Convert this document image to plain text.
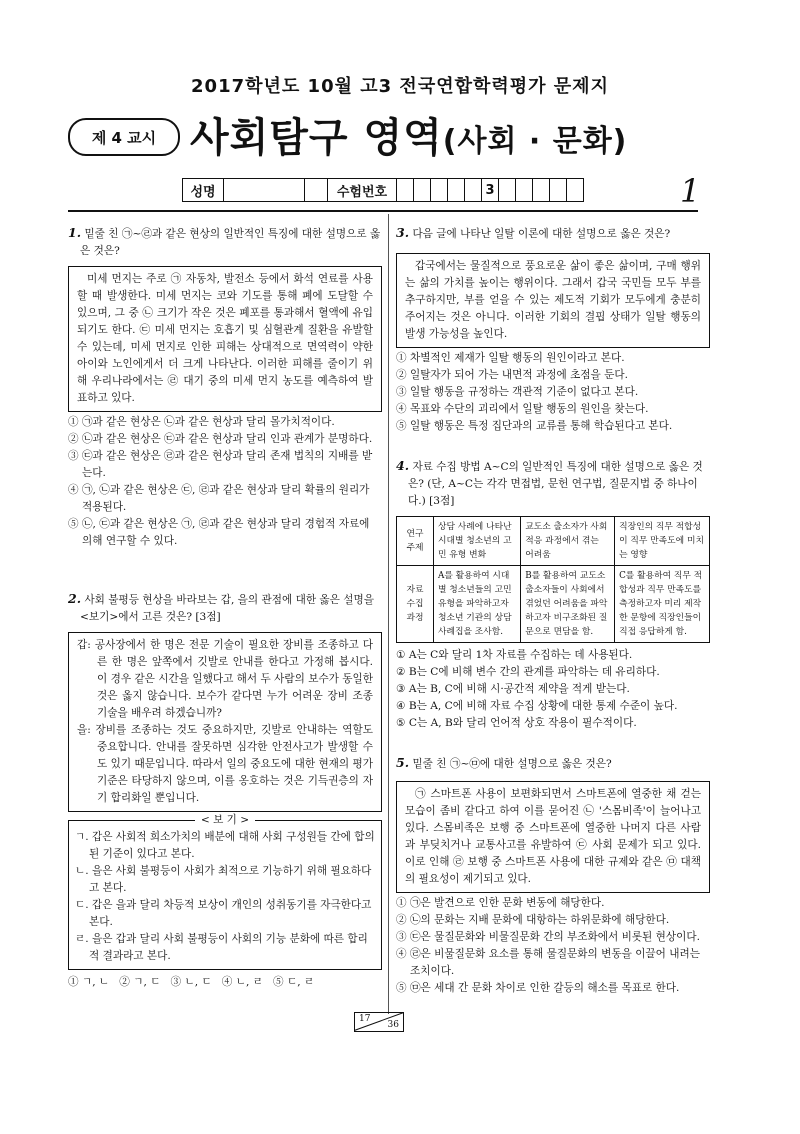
2017학년도 10월 고3 전국연합학력평가 문제지
제 4 교시 사회탐구 영역(사회 · 문화)
성명	수험번호	3	1

1. 밑줄 친 ㉠~㉣과 같은 현상의 일반적인 특징에 대한 설명으로 옳은 것은?

미세 먼지는 주로 ㉠ 자동차, 발전소 등에서 화석 연료를 사용할 때 발생한다. 미세 먼지는 코와 기도를 통해 폐에 도달할 수 있으며, 그 중 ㉡ 크기가 작은 것은 폐포를 통과해서 혈액에 유입되기도 한다. ㉢ 미세 먼지는 호흡기 및 심혈관계 질환을 유발할 수 있는데, 미세 먼지로 인한 피해는 상대적으로 면역력이 약한 아이와 노인에게서 더 크게 나타난다. 이러한 피해를 줄이기 위해 우리나라에서는 ㉣ 대기 중의 미세 먼지 농도를 예측하여 발표하고 있다.

① ㉠과 같은 현상은 ㉡과 같은 현상과 달리 몰가치적이다.

② ㉡과 같은 현상은 ㉢과 같은 현상과 달리 인과 관계가 분명하다.

③ ㉢과 같은 현상은 ㉣과 같은 현상과 달리 존재 법칙의 지배를 받는다.

④ ㉠, ㉡과 같은 현상은 ㉢, ㉣과 같은 현상과 달리 확률의 원리가 적용된다.

⑤ ㉡, ㉢과 같은 현상은 ㉠, ㉣과 같은 현상과 달리 경험적 자료에 의해 연구할 수 있다.

2. 사회 불평등 현상을 바라보는 갑, 을의 관점에 대한 옳은 설명을 <보기>에서 고른 것은? [3점]

갑: 공사장에서 한 명은 전문 기술이 필요한 장비를 조종하고 다른 한 명은 앞쪽에서 깃발로 안내를 한다고 가정해 봅시다. 이 경우 같은 시간을 일했다고 해서 두 사람의 보수가 동일한 것은 옳지 않습니다. 보수가 같다면 누가 어려운 장비 조종 기술을 배우려 하겠습니까?

을: 장비를 조종하는 것도 중요하지만, 깃발로 안내하는 역할도 중요합니다. 안내를 잘못하면 심각한 안전사고가 발생할 수도 있기 때문입니다. 따라서 일의 중요도에 대한 현재의 평가 기준은 타당하지 않으며, 이를 옹호하는 것은 기득권층의 자기 합리화일 뿐입니다.

< 보 기 >

ㄱ. 갑은 사회적 희소가치의 배분에 대해 사회 구성원들 간에 합의된 기준이 있다고 본다.

ㄴ. 을은 사회 불평등이 사회가 최적으로 기능하기 위해 필요하다고 본다.

ㄷ. 갑은 을과 달리 차등적 보상이 개인의 성취동기를 자극한다고 본다.

ㄹ. 을은 갑과 달리 사회 불평등이 사회의 기능 분화에 따른 합리적 결과라고 본다.

① ㄱ, ㄴ   ② ㄱ, ㄷ   ③ ㄴ, ㄷ   ④ ㄴ, ㄹ   ⑤ ㄷ, ㄹ

3. 다음 글에 나타난 일탈 이론에 대한 설명으로 옳은 것은?

갑국에서는 물질적으로 풍요로운 삶이 좋은 삶이며, 구매 행위는 삶의 가치를 높이는 행위이다. 그래서 갑국 국민들 모두 부를 추구하지만, 부를 얻을 수 있는 제도적 기회가 모두에게 충분히 주어지는 것은 아니다. 이러한 기회의 결핍 상태가 일탈 행동의 발생 가능성을 높인다.

① 차별적인 제재가 일탈 행동의 원인이라고 본다.

② 일탈자가 되어 가는 내면적 과정에 초점을 둔다.

③ 일탈 행동을 규정하는 객관적 기준이 없다고 본다.

④ 목표와 수단의 괴리에서 일탈 행동의 원인을 찾는다.

⑤ 일탈 행동은 특정 집단과의 교류를 통해 학습된다고 본다.

4. 자료 수집 방법 A~C의 일반적인 특징에 대한 설명으로 옳은 것은? (단, A~C는 각각 면접법, 문헌 연구법, 질문지법 중 하나이다.) [3점]

연구 주제	상담 사례에 나타난 시대별 청소년의 고민 유형 변화	교도소 출소자가 사회 적응 과정에서 겪는 어려움	직장인의 직무 적합성이 직무 만족도에 미치는 영향
자료 수집 과정	A를 활용하여 시대별 청소년들의 고민 유형을 파악하고자 청소년 기관의 상담 사례집을 조사함.	B를 활용하여 교도소 출소자들이 사회에서 겪었던 어려움을 파악하고자 비구조화된 질문으로 면담을 함.	C를 활용하여 직무 적합성과 직무 만족도를 측정하고자 미리 제작한 문항에 직장인들이 직접 응답하게 함.

① A는 C와 달리 1차 자료를 수집하는 데 사용된다.

② B는 C에 비해 변수 간의 관계를 파악하는 데 유리하다.

③ A는 B, C에 비해 시·공간적 제약을 적게 받는다.

④ B는 A, C에 비해 자료 수집 상황에 대한 통제 수준이 높다.

⑤ C는 A, B와 달리 언어적 상호 작용이 필수적이다.

5. 밑줄 친 ㉠~㉤에 대한 설명으로 옳은 것은?

㉠ 스마트폰 사용이 보편화되면서 스마트폰에 열중한 채 걷는 모습이 좀비 같다고 하여 이를 묻어진 ㉡ '스몸비족'이 늘어나고 있다. 스몸비족은 보행 중 스마트폰에 열중한 나머지 다른 사람과 부딪치거나 교통사고를 유발하여 ㉢ 사회 문제가 되고 있다. 이로 인해 ㉣ 보행 중 스마트폰 사용에 대한 규제와 같은 ㉤ 대책의 필요성이 제기되고 있다.

① ㉠은 발견으로 인한 문화 변동에 해당한다.

② ㉡의 문화는 지배 문화에 대항하는 하위문화에 해당한다.

③ ㉢은 물질문화와 비물질문화 간의 부조화에서 비롯된 현상이다.

④ ㉣은 비물질문화 요소를 통해 물질문화의 변동을 이끌어 내려는 조치이다.

⑤ ㉤은 세대 간 문화 차이로 인한 갈등의 해소를 목표로 한다.

17
36
